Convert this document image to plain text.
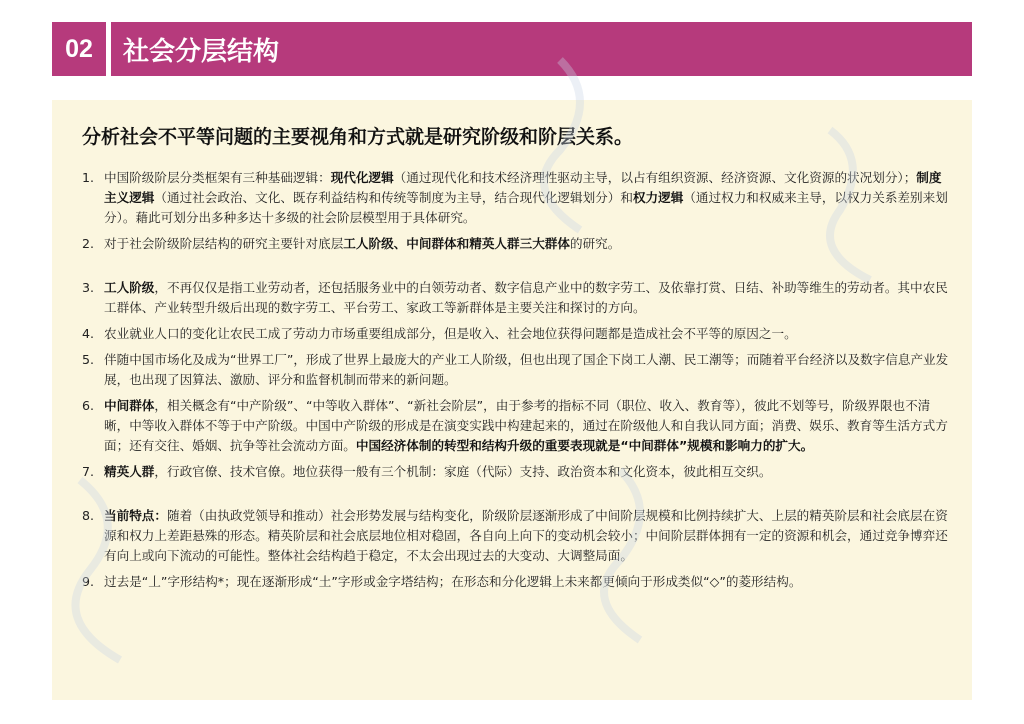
02	社会分层结构
分析社会不平等问题的主要视角和方式就是研究阶级和阶层关系。
1. 中国阶级阶层分类框架有三种基础逻辑：现代化逻辑（通过现代化和技术经济理性驱动主导，以占有组织资源、经济资源、文化资源的状况划分）；制度主义逻辑（通过社会政治、文化、既存利益结构和传统等制度为主导，结合现代化逻辑划分）和权力逻辑（通过权力和权威来主导，以权力关系差别来划分）。藉此可划分出多种多达十多级的社会阶层模型用于具体研究。
2. 对于社会阶级阶层结构的研究主要针对底层工人阶级、中间群体和精英人群三大群体的研究。
3. 工人阶级，不再仅仅是指工业劳动者，还包括服务业中的白领劳动者、数字信息产业中的数字劳工、及依靠打赏、日结、补助等维生的劳动者。其中农民工群体、产业转型升级后出现的数字劳工、平台劳工、家政工等新群体是主要关注和探讨的方向。
4. 农业就业人口的变化让农民工成了劳动力市场重要组成部分，但是收入、社会地位获得问题都是造成社会不平等的原因之一。
5. 伴随中国市场化及成为“世界工厂”，形成了世界上最庞大的产业工人阶级，但也出现了国企下岗工人潮、民工潮等；而随着平台经济以及数字信息产业发展，也出现了因算法、激励、评分和监督机制而带来的新问题。
6. 中间群体，相关概念有“中产阶级”、“中等收入群体”、“新社会阶层”，由于参考的指标不同（职位、收入、教育等），彼此不划等号，阶级界限也不清晰，中等收入群体不等于中产阶级。中国中产阶级的形成是在演变实践中构建起来的，通过在阶级他人和自我认同方面；消费、娱乐、教育等生活方式方面；还有交往、婚姻、抗争等社会流动方面。中国经济体制的转型和结构升级的重要表现就是“中间群体”规模和影响力的扩大。
7. 精英人群，行政官僚、技术官僚。地位获得一般有三个机制：家庭（代际）支持、政治资本和文化资本，彼此相互交织。
8. 当前特点：随着（由执政党领导和推动）社会形势发展与结构变化，阶级阶层逐渐形成了中间阶层规模和比例持续扩大、上层的精英阶层和社会底层在资源和权力上差距悬殊的形态。精英阶层和社会底层地位相对稳固，各自向上向下的变动机会较小；中间阶层群体拥有一定的资源和机会，通过竞争博弈还有向上或向下流动的可能性。整体社会结构趋于稳定，不太会出现过去的大变动、大调整局面。
9. 过去是“丄”字形结构*；现在逐渐形成“土”字形或金字塔结构；在形态和分化逻辑上未来都更倾向于形成类似“◇”的菱形结构。
